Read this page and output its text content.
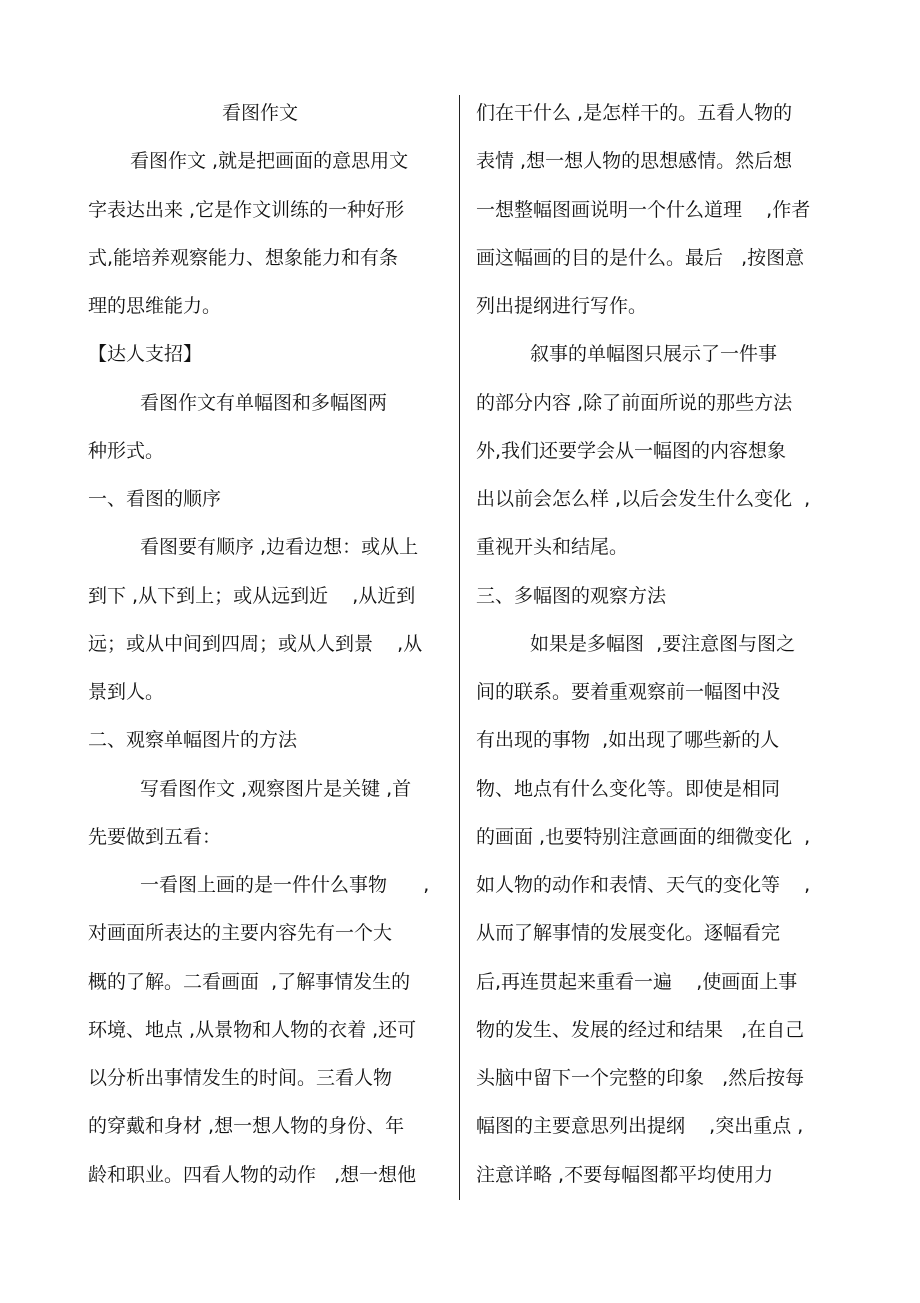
看图作文
看图作文 ,就是把画面的意思用文
字表达出来 ,它是作文训练的一种好形
式,能培养观察能力、想象能力和有条
理的思维能力。
【达人支招】
看图作文有单幅图和多幅图两
种形式。
一、看图的顺序
看图要有顺序 ,边看边想：或从上
到下 ,从下到上；或从远到近    ,从近到
远；或从中间到四周；或从人到景    ,从
景到人。
二、观察单幅图片的方法
写看图作文 ,观察图片是关键 ,首
先要做到五看：
一看图上画的是一件什么事物      ,
对画面所表达的主要内容先有一个大
概的了解。二看画面  ,了解事情发生的
环境、地点 ,从景物和人物的衣着 ,还可
以分析出事情发生的时间。三看人物
的穿戴和身材 ,想一想人物的身份、年
龄和职业。四看人物的动作   ,想一想他
们在干什么 ,是怎样干的。五看人物的
表情 ,想一想人物的思想感情。然后想
一想整幅图画说明一个什么道理    ,作者
画这幅画的目的是什么。最后   ,按图意
列出提纲进行写作。
叙事的单幅图只展示了一件事
的部分内容 ,除了前面所说的那些方法
外,我们还要学会从一幅图的内容想象
出以前会怎么样 ,以后会发生什么变化  ,
重视开头和结尾。
三、多幅图的观察方法
如果是多幅图  ,要注意图与图之
间的联系。要着重观察前一幅图中没
有出现的事物  ,如出现了哪些新的人
物、地点有什么变化等。即使是相同
的画面 ,也要特别注意画面的细微变化  ,
如人物的动作和表情、天气的变化等    ,
从而了解事情的发展变化。逐幅看完
后,再连贯起来重看一遍    ,使画面上事
物的发生、发展的经过和结果   ,在自己
头脑中留下一个完整的印象   ,然后按每
幅图的主要意思列出提纲    ,突出重点 ,
注意详略 ,不要每幅图都平均使用力
